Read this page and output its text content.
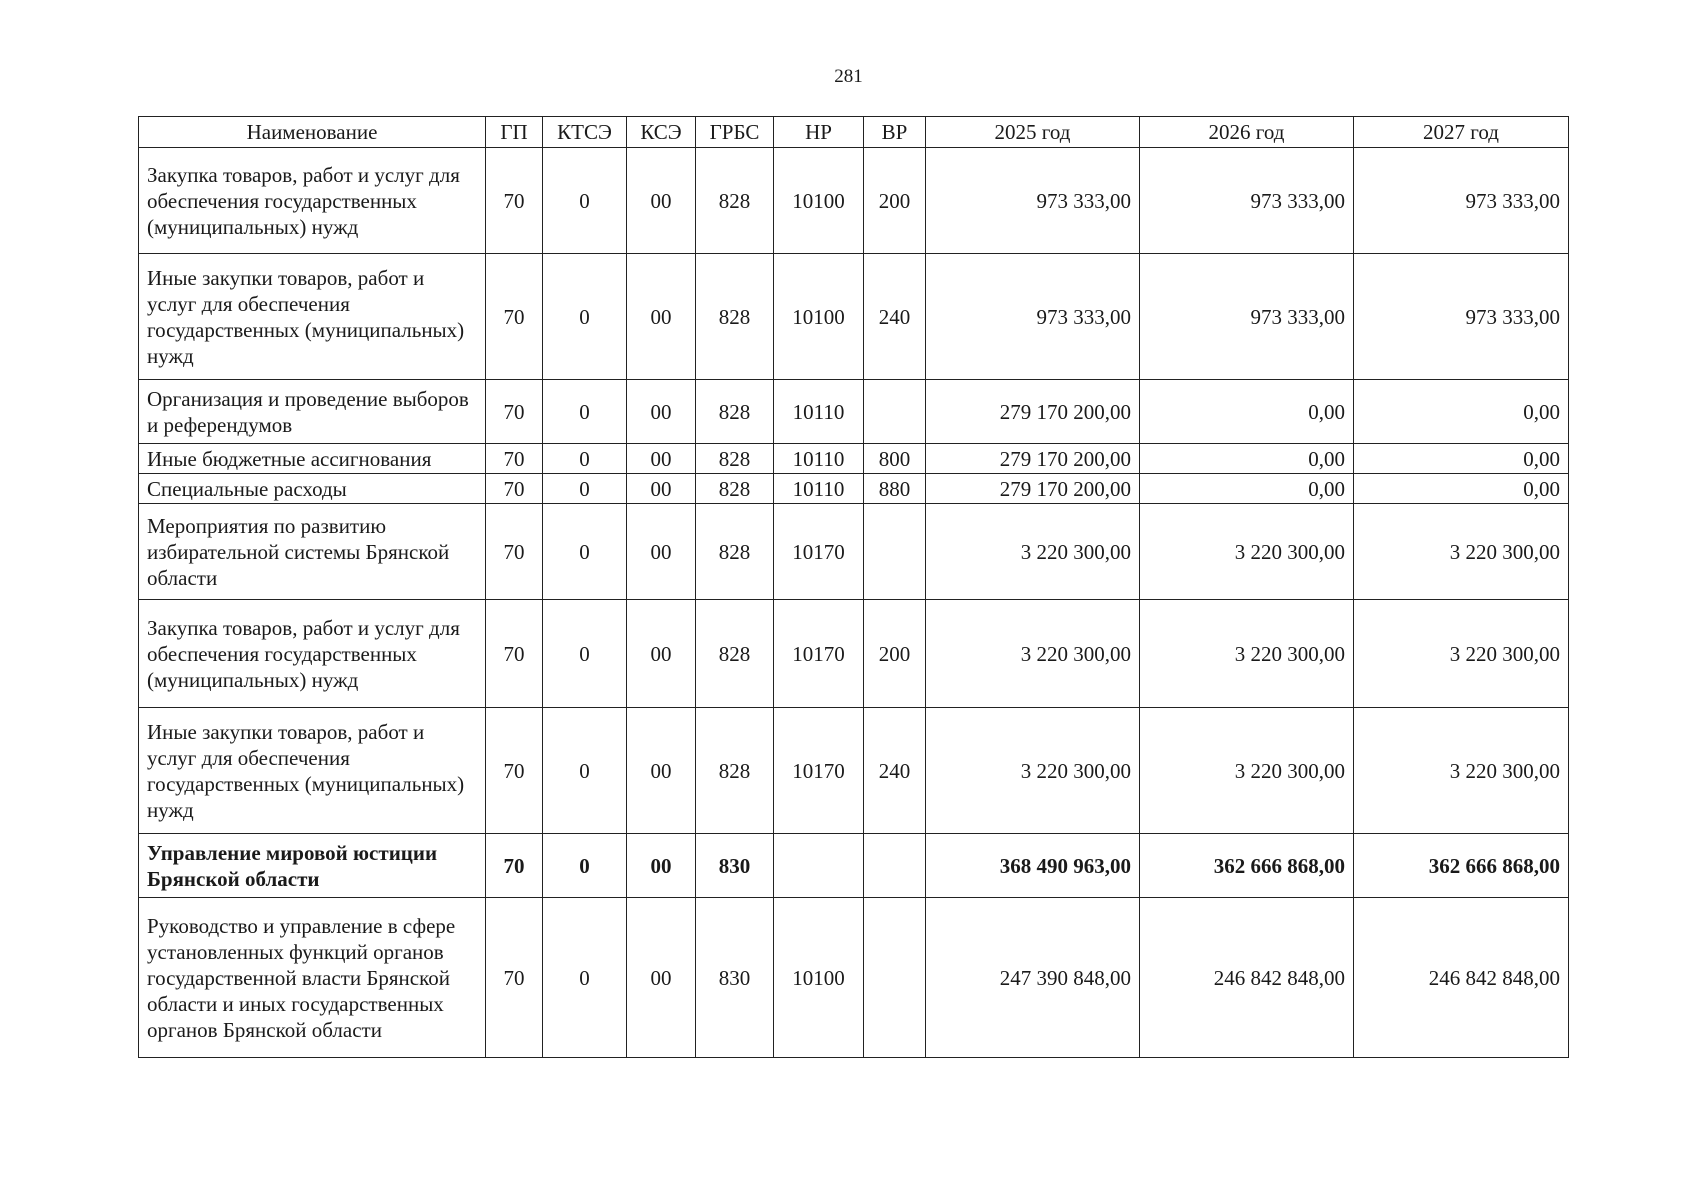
281
Наименование	ГП	КТСЭ	КСЭ	ГРБС	НР	ВР	2025 год	2026 год	2027 год
Закупка товаров, работ и услуг для обеспечения государственных (муниципальных) нужд	70	0	00	828	10100	200	973 333,00	973 333,00	973 333,00
Иные закупки товаров, работ и услуг для обеспечения государственных (муниципальных) нужд	70	0	00	828	10100	240	973 333,00	973 333,00	973 333,00
Организация и проведение выборов и референдумов	70	0	00	828	10110		279 170 200,00	0,00	0,00
Иные бюджетные ассигнования	70	0	00	828	10110	800	279 170 200,00	0,00	0,00
Специальные расходы	70	0	00	828	10110	880	279 170 200,00	0,00	0,00
Мероприятия по развитию избирательной системы Брянской области	70	0	00	828	10170		3 220 300,00	3 220 300,00	3 220 300,00
Закупка товаров, работ и услуг для обеспечения государственных (муниципальных) нужд	70	0	00	828	10170	200	3 220 300,00	3 220 300,00	3 220 300,00
Иные закупки товаров, работ и услуг для обеспечения государственных (муниципальных) нужд	70	0	00	828	10170	240	3 220 300,00	3 220 300,00	3 220 300,00
Управление мировой юстиции Брянской области	70	0	00	830			368 490 963,00	362 666 868,00	362 666 868,00
Руководство и управление в сфере установленных функций органов государственной власти Брянской области и иных государственных органов Брянской области	70	0	00	830	10100		247 390 848,00	246 842 848,00	246 842 848,00
